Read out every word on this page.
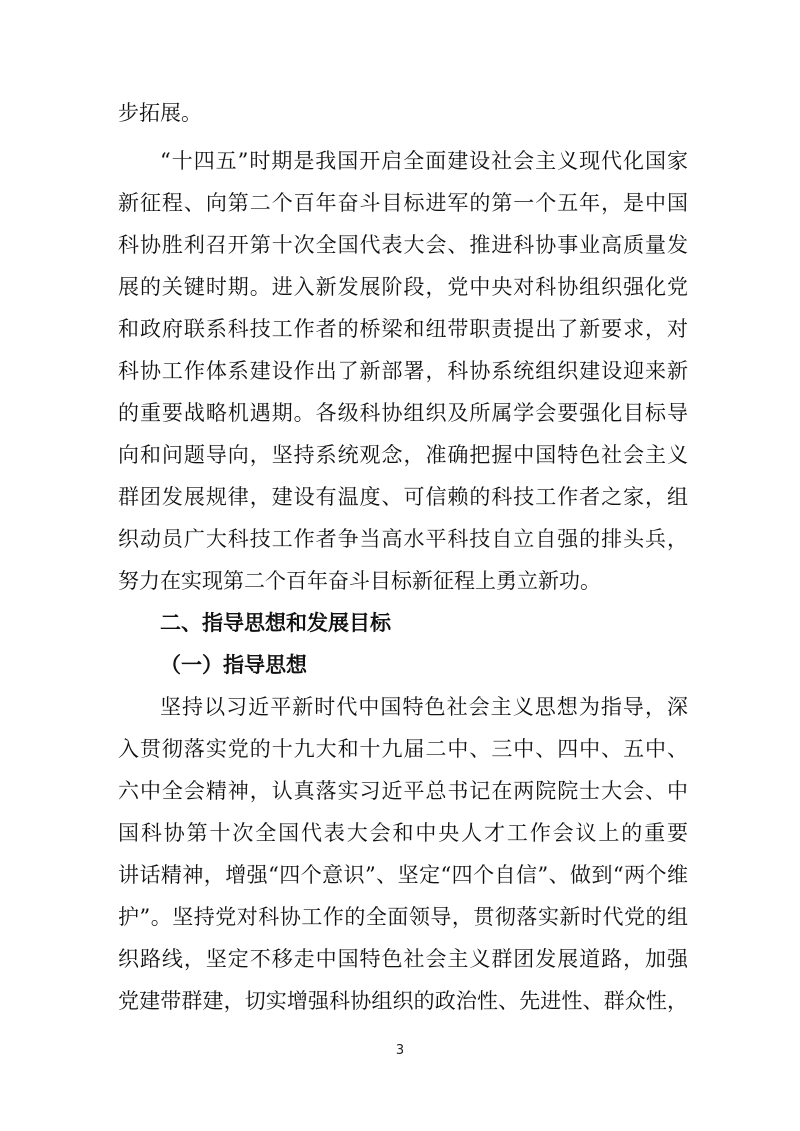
步拓展。
“十四五”时期是我国开启全面建设社会主义现代化国家
新征程、向第二个百年奋斗目标进军的第一个五年，是中国
科协胜利召开第十次全国代表大会、推进科协事业高质量发
展的关键时期。进入新发展阶段，党中央对科协组织强化党
和政府联系科技工作者的桥梁和纽带职责提出了新要求，对
科协工作体系建设作出了新部署，科协系统组织建设迎来新
的重要战略机遇期。各级科协组织及所属学会要强化目标导
向和问题导向，坚持系统观念，准确把握中国特色社会主义
群团发展规律，建设有温度、可信赖的科技工作者之家，组
织动员广大科技工作者争当高水平科技自立自强的排头兵，
努力在实现第二个百年奋斗目标新征程上勇立新功。
二、指导思想和发展目标
（一）指导思想
坚持以习近平新时代中国特色社会主义思想为指导，深
入贯彻落实党的十九大和十九届二中、三中、四中、五中、
六中全会精神，认真落实习近平总书记在两院院士大会、中
国科协第十次全国代表大会和中央人才工作会议上的重要
讲话精神，增强“四个意识”、坚定“四个自信”、做到“两个维
护”。坚持党对科协工作的全面领导，贯彻落实新时代党的组
织路线，坚定不移走中国特色社会主义群团发展道路，加强
党建带群建，切实增强科协组织的政治性、先进性、群众性，
3
